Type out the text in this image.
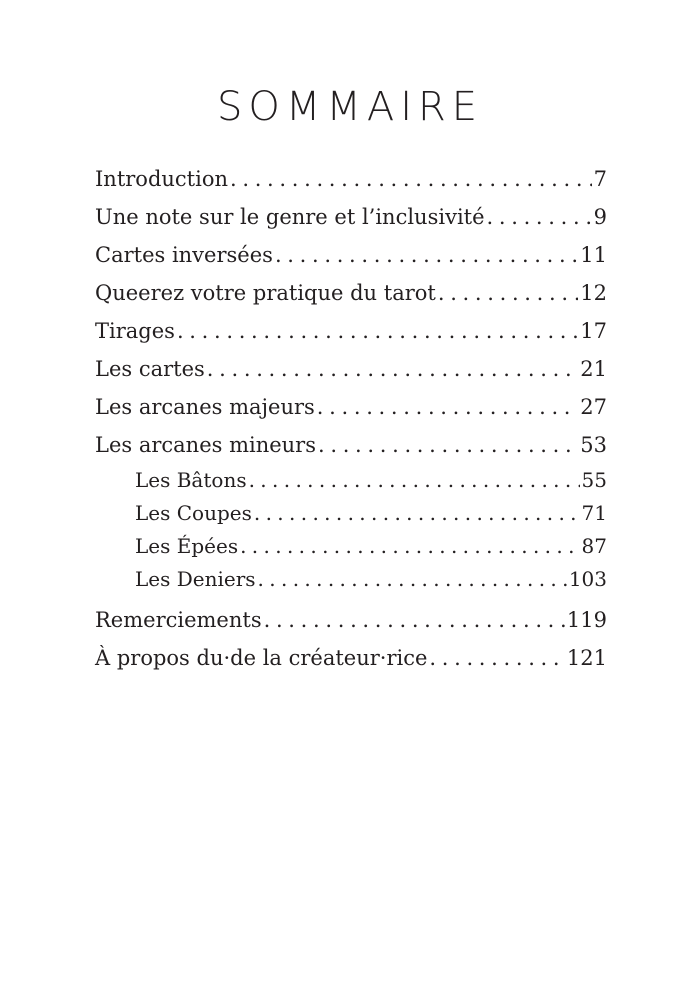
SOMMAIRE
Introduction . . .	7
Une note sur le genre et l’inclusivité . . .	9
Cartes inversées . . .	11
Queerez votre pratique du tarot . . .	12
Tirages . . .	17
Les cartes . . .	21
Les arcanes majeurs . . .	27
Les arcanes mineurs . . .	53
Les Bâtons . . .	55
Les Coupes . . .	71
Les Épées . . .	87
Les Deniers . . .	103
Remerciements . . .	119
À propos du·de la créateur·rice . . .	121
